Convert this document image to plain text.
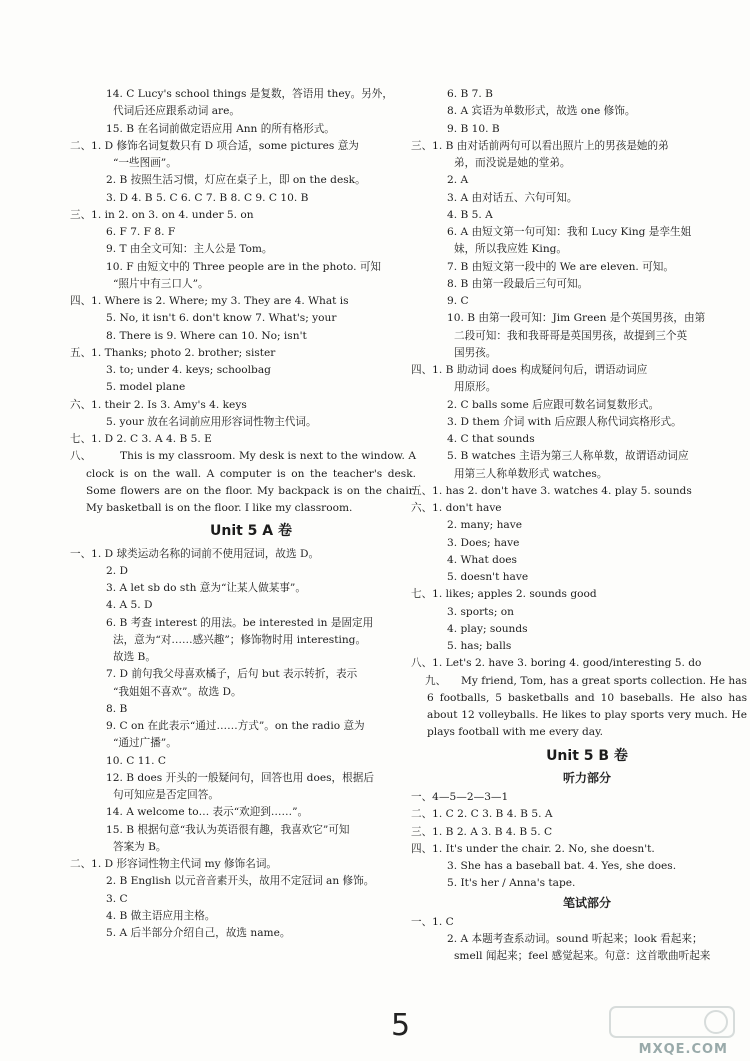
14. C Lucy's school things 是复数，答语用 they。另外，
代词后还应跟系动词 are。
15. B 在名词前做定语应用 Ann 的所有格形式。
二、1. D 修饰名词复数只有 D 项合适，some pictures 意为
“一些图画”。
2. B 按照生活习惯，灯应在桌子上，即 on the desk。
3. D 4. B 5. C 6. C 7. B 8. C 9. C 10. B
三、1. in 2. on 3. on 4. under 5. on
6. F 7. F 8. F
9. T 由全文可知：主人公是 Tom。
10. F 由短文中的 Three people are in the photo. 可知
“照片中有三口人”。
四、1. Where is 2. Where; my 3. They are 4. What is
5. No, it isn't 6. don't know 7. What's; your
8. There is 9. Where can 10. No; isn't
五、1. Thanks; photo 2. brother; sister
3. to; under 4. keys; schoolbag
5. model plane
六、1. their 2. Is 3. Amy's 4. keys
5. your 放在名词前应用形容词性物主代词。
七、1. D 2. C 3. A 4. B 5. E
八、	This is my classroom. My desk is next to the window. A clock is on the wall. A computer is on the teacher's desk. Some flowers are on the floor. My backpack is on the chair. My basketball is on the floor. I like my classroom.
Unit 5 A 卷
一、1. D 球类运动名称的词前不使用冠词，故选 D。
2. D
3. A let sb do sth 意为“让某人做某事”。
4. A 5. D
6. B 考查 interest 的用法。be interested in 是固定用
法，意为“对……感兴趣”；修饰物时用 interesting。
故选 B。
7. D 前句我父母喜欢橘子，后句 but 表示转折，表示
“我姐姐不喜欢”。故选 D。
8. B
9. C on 在此表示“通过……方式”。on the radio 意为
“通过广播”。
10. C 11. C
12. B does 开头的一般疑问句，回答也用 does，根据后
句可知应是否定回答。
14. A welcome to… 表示“欢迎到……”。
15. B 根据句意“我认为英语很有趣，我喜欢它”可知
答案为 B。
二、1. D 形容词性物主代词 my 修饰名词。
2. B English 以元音音素开头，故用不定冠词 an 修饰。
3. C
4. B 做主语应用主格。
5. A 后半部分介绍自己，故选 name。
6. B 7. B
8. A 宾语为单数形式，故选 one 修饰。
9. B 10. B
三、1. B 由对话前两句可以看出照片上的男孩是她的弟
弟，而没说是她的堂弟。
2. A
3. A 由对话五、六句可知。
4. B 5. A
6. A 由短文第一句可知：我和 Lucy King 是孪生姐
妹，所以我应姓 King。
7. B 由短文第一段中的 We are eleven. 可知。
8. B 由第一段最后三句可知。
9. C
10. B 由第一段可知：Jim Green 是个英国男孩，由第
二段可知：我和我哥哥是英国男孩，故提到三个英
国男孩。
四、1. B 助动词 does 构成疑问句后，谓语动词应
用原形。
2. C balls some 后应跟可数名词复数形式。
3. D them 介词 with 后应跟人称代词宾格形式。
4. C that sounds
5. B watches 主语为第三人称单数，故谓语动词应
用第三人称单数形式 watches。
五、1. has 2. don't have 3. watches 4. play 5. sounds
六、1. don't have
2. many; have
3. Does; have
4. What does
5. doesn't have
七、1. likes; apples 2. sounds good
3. sports; on
4. play; sounds
5. has; balls
八、1. Let's 2. have 3. boring 4. good/interesting 5. do
九、	My friend, Tom, has a great sports collection. He has 6 footballs, 5 basketballs and 10 baseballs. He also has about 12 volleyballs. He likes to play sports very much. He plays football with me every day.
Unit 5 B 卷
听力部分
一、4—5—2—3—1
二、1. C 2. C 3. B 4. B 5. A
三、1. B 2. A 3. B 4. B 5. C
四、1. It's under the chair. 2. No, she doesn't.
3. She has a baseball bat. 4. Yes, she does.
5. It's her / Anna's tape.
笔试部分
一、1. C
2. A 本题考查系动词。sound 听起来；look 看起来；
smell 闻起来；feel 感觉起来。句意：这首歌曲听起来
5
MXQE.COM
